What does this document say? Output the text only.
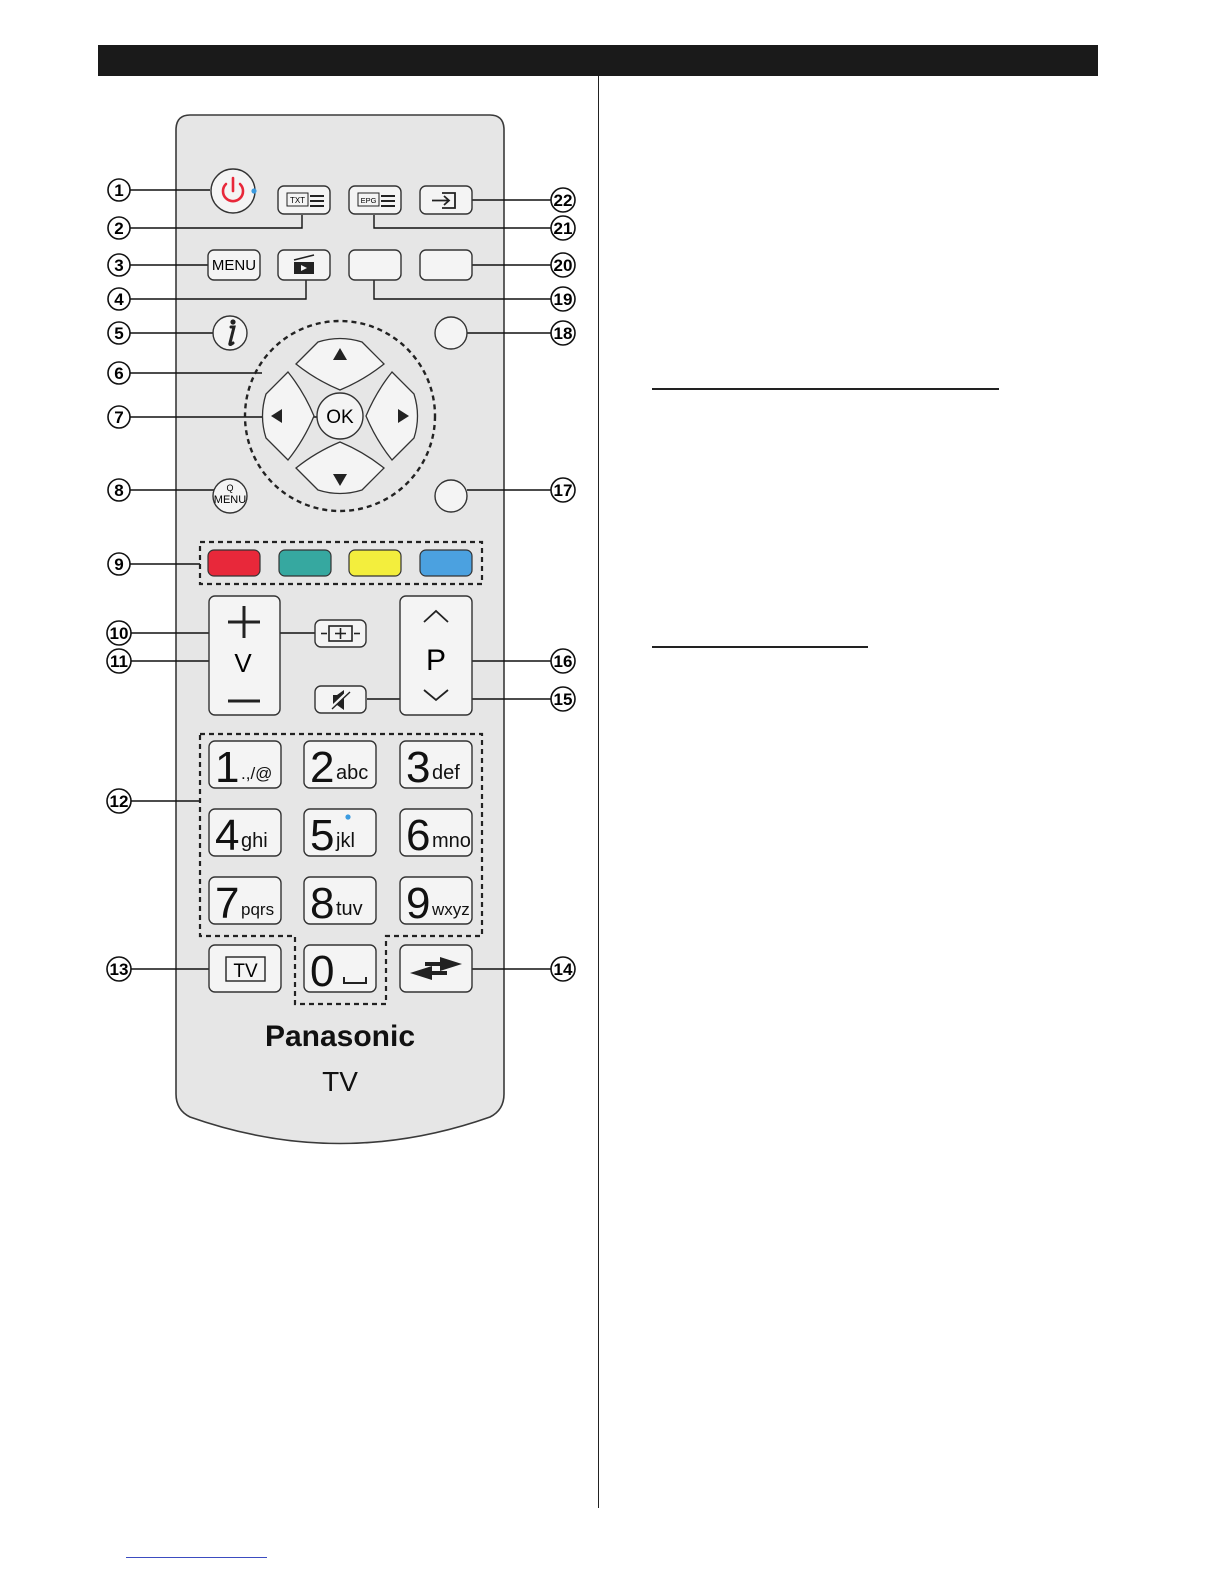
1
2
3
4
5
6
7
8
9
10
11
12
13	14
15
16
17
18
19
20
21
22
TXT	EPG
MENU
OK
Q
MENU
V	P
1 .,/@ 2 abc 3 def
4 ghi 5 jkl 6 mno
7 pqrs 8 tuv 9 wxyz
0
TV
Panasonic
TV
